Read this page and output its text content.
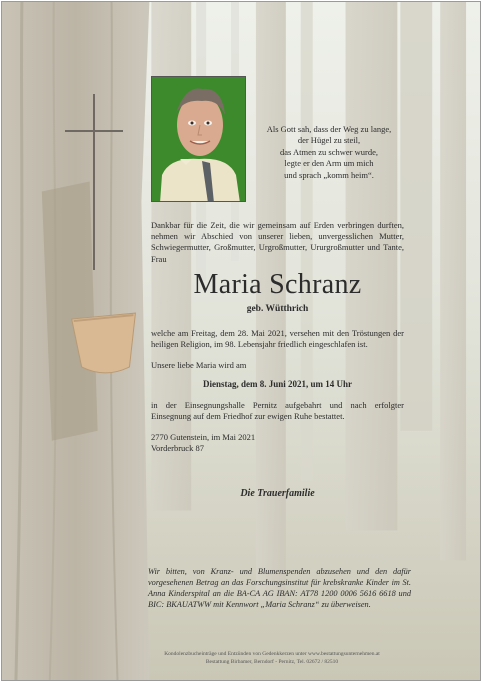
Als Gott sah, dass der Weg zu lange,
der Hügel zu steil,
das Atmen zu schwer wurde,
legte er den Arm um mich
und sprach „komm heim“.
Dankbar für die Zeit, die wir gemeinsam auf Erden verbringen durften, nehmen wir Abschied von unserer lieben, unvergesslichen Mutter, Schwiegermutter, Großmutter, Urgroßmutter, Ururgroßmutter und Tante, Frau
Maria Schranz
geb. Wütthrich
welche am Freitag, dem 28. Mai 2021, versehen mit den Tröstungen der heiligen Religion, im 98. Lebensjahr friedlich eingeschlafen ist.
Unsere liebe Maria wird am
Dienstag, dem 8. Juni 2021, um 14 Uhr
in der Einsegnungshalle Pernitz aufgebahrt und nach erfolgter Einsegnung auf dem Friedhof zur ewigen Ruhe bestattet.
2770 Gutenstein, im Mai 2021
Vorderbruck 87
Die Trauerfamilie
Wir bitten, von Kranz- und Blumenspenden abzusehen und den dafür vorgesehenen Betrag an das Forschungsinstitut für krebskranke Kinder im St. Anna Kinderspital an die BA-CA AG IBAN: AT78 1200 0006 5616 6618 und BIC: BKAUATWW mit Kennwort „Maria Schranz“ zu überweisen.
Kondolenzbucheinträge und Entzünden von Gedenkkerzen unter www.bestattungsunternehmen.at
Bestattung Birbamer, Berndorf - Pernitz, Tel. 02672 / 82510
